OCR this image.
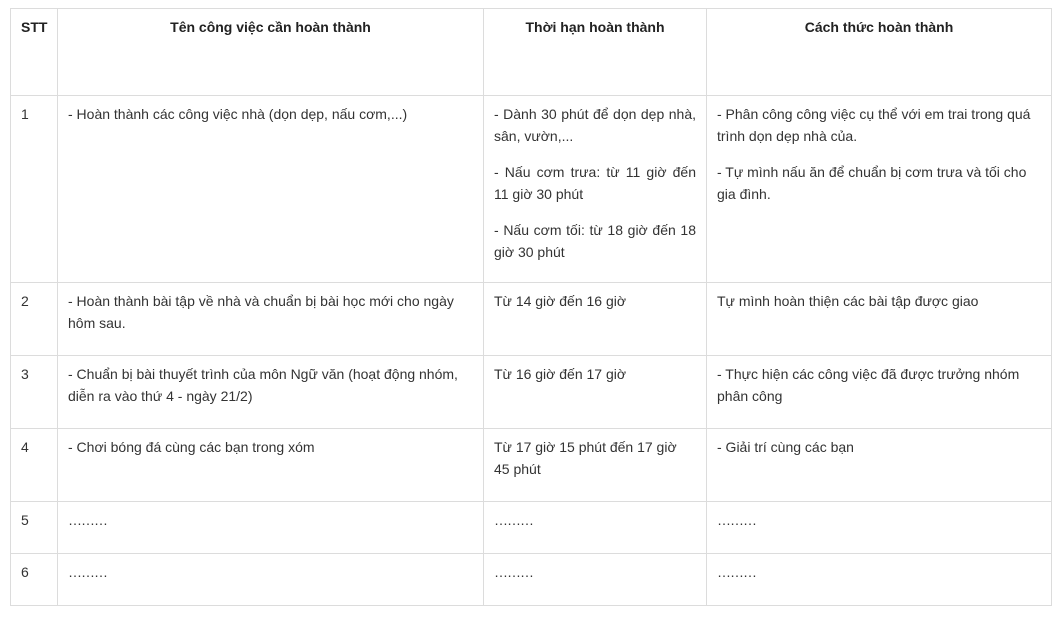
STT	Tên công việc cần hoàn thành	Thời hạn hoàn thành	Cách thức hoàn thành
1	- Hoàn thành các công việc nhà (dọn dẹp, nấu cơm,...)	- Dành 30 phút để dọn dẹp nhà, sân, vườn,...
- Nấu cơm trưa: từ 11 giờ đến 11 giờ 30 phút
- Nấu cơm tối: từ 18 giờ đến 18 giờ 30 phút	- Phân công công việc cụ thể với em trai trong quá trình dọn dẹp nhà của.
- Tự mình nấu ăn để chuẩn bị cơm trưa và tối cho gia đình.

2	- Hoàn thành bài tập về nhà và chuẩn bị bài học mới cho ngày hôm sau.	Từ 14 giờ đến 16 giờ	Tự mình hoàn thiện các bài tập được giao
3	- Chuẩn bị bài thuyết trình của môn Ngữ văn (hoạt động nhóm, diễn ra vào thứ 4 - ngày 21/2)	Từ 16 giờ đến 17 giờ	- Thực hiện các công việc đã được trưởng nhóm phân công
4	- Chơi bóng đá cùng các bạn trong xóm	Từ 17 giờ 15 phút đến 17 giờ 45 phút	- Giải trí cùng các bạn
5	………	………	………
6	………	………	………
